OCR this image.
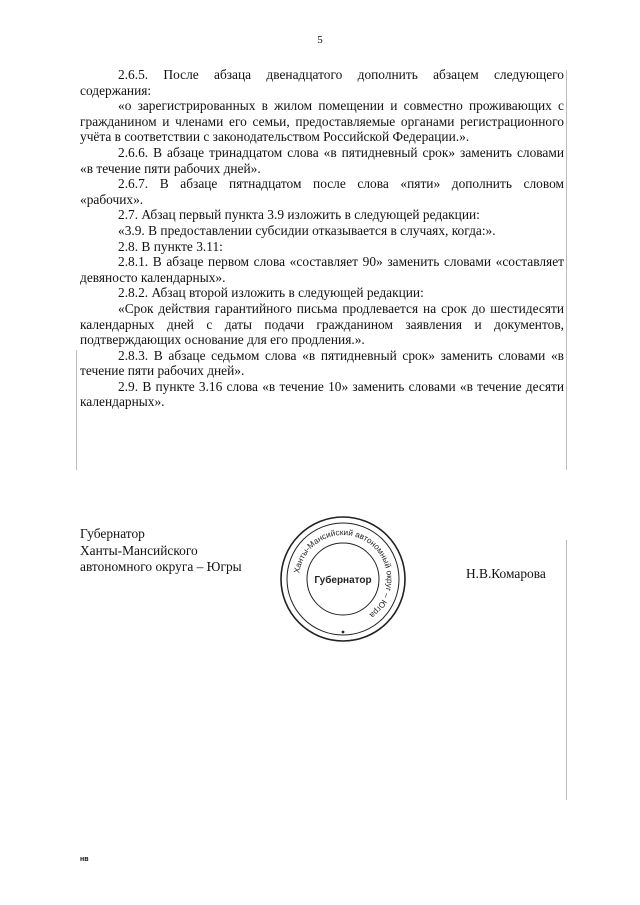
5

2.6.5. После абзаца двенадцатого дополнить абзацем следующего содержания:

«о зарегистрированных в жилом помещении и совместно проживающих с гражданином и членами его семьи, предоставляемые органами регистрационного учёта в соответствии с законодательством Российской Федерации.».

2.6.6. В абзаце тринадцатом слова «в пятидневный срок» заменить словами «в течение пяти рабочих дней».

2.6.7. В абзаце пятнадцатом после слова «пяти» дополнить словом «рабочих».

2.7. Абзац первый пункта 3.9 изложить в следующей редакции:

«3.9. В предоставлении субсидии отказывается в случаях, когда:».

2.8. В пункте 3.11:

2.8.1. В абзаце первом слова «составляет 90» заменить словами «составляет девяносто календарных».

2.8.2. Абзац второй изложить в следующей редакции:

«Срок действия гарантийного письма продлевается на срок до шестидесяти календарных дней с даты подачи гражданином заявления и документов, подтверждающих основание для его продления.».

2.8.3. В абзаце седьмом слова «в пятидневный срок» заменить словами «в течение пяти рабочих дней».

2.9. В пункте 3.16 слова «в течение 10» заменить словами «в течение десяти календарных».

Губернатор
Ханты-Мансийского
автономного округа – Югры	Ханты-Мансийский автономный округ – Югра
Губернатор	Н.В.Комарова
нв
